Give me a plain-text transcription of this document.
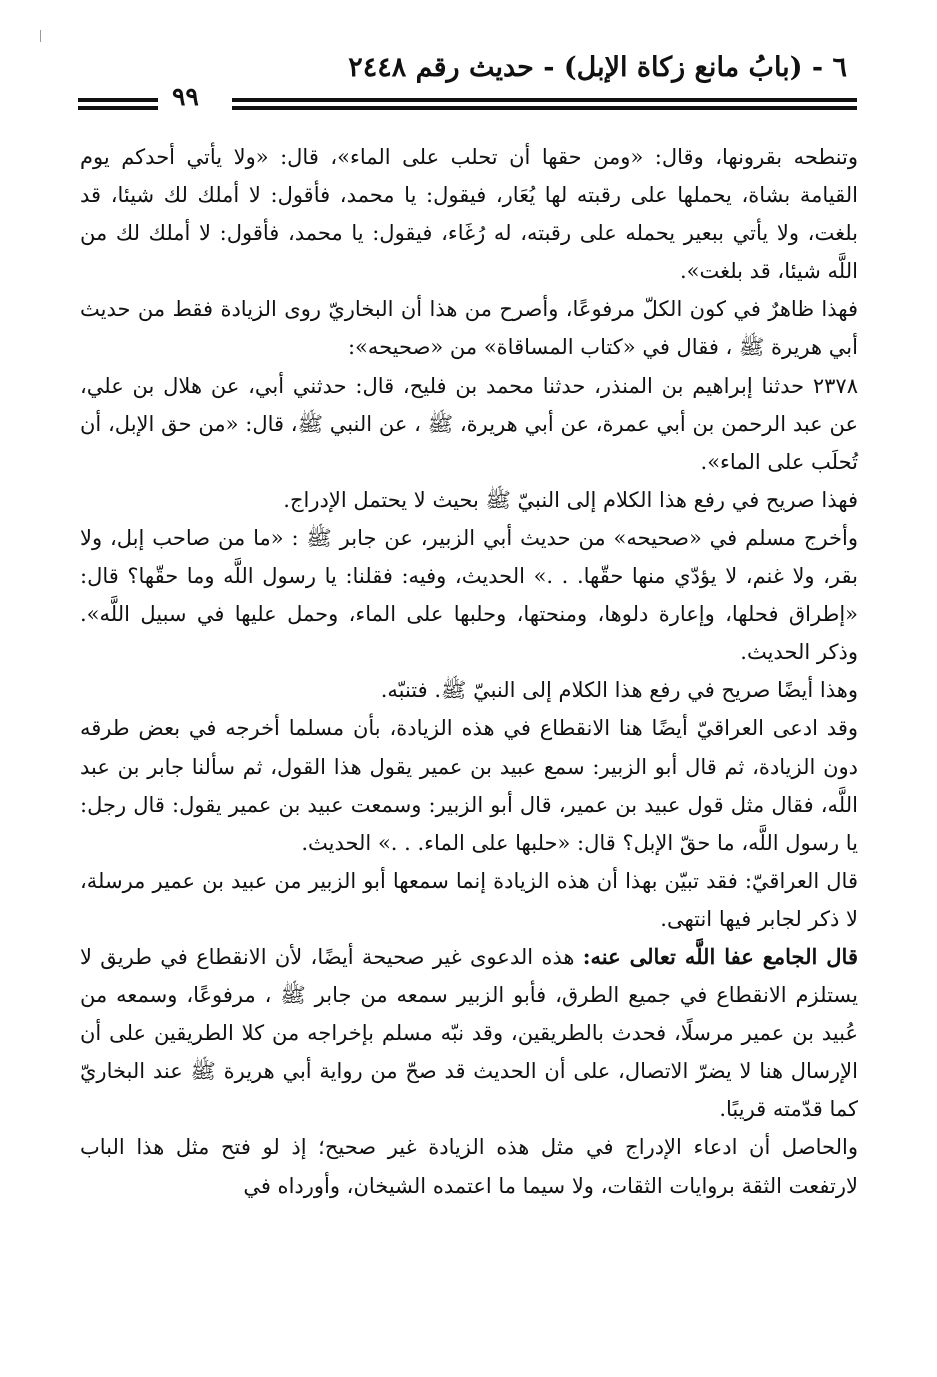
٦ - (بابُ مانع زكاة الإبل) - حديث رقم ٢٤٤٨
٩٩

وتنطحه بقرونها، وقال: «ومن حقها أن تحلب على الماء»، قال: «ولا يأتي أحدكم يوم القيامة بشاة، يحملها على رقبته لها يُعَار، فيقول: يا محمد، فأقول: لا أملك لك شيئا، قد بلغت، ولا يأتي ببعير يحمله على رقبته، له رُغَاء، فيقول: يا محمد، فأقول: لا أملك لك من اللَّه شيئا، قد بلغت».

فهذا ظاهرٌ في كون الكلّ مرفوعًا، وأصرح من هذا أن البخاريّ روى الزيادة فقط من حديث أبي هريرة ﷺ ، فقال في «كتاب المساقاة» من «صحيحه»:

٢٣٧٨ حدثنا إبراهيم بن المنذر، حدثنا محمد بن فليح، قال: حدثني أبي، عن هلال بن علي، عن عبد الرحمن بن أبي عمرة، عن أبي هريرة، ﷺ ، عن النبي ﷺ، قال: «من حق الإبل، أن تُحلَب على الماء».

فهذا صريح في رفع هذا الكلام إلى النبيّ ﷺ بحيث لا يحتمل الإدراج.

وأخرج مسلم في «صحيحه» من حديث أبي الزبير، عن جابر ﷺ : «ما من صاحب إبل، ولا بقر، ولا غنم، لا يؤدّي منها حقّها. . .» الحديث، وفيه: فقلنا: يا رسول اللَّه وما حقّها؟ قال: «إطراق فحلها، وإعارة دلوها، ومنحتها، وحلبها على الماء، وحمل عليها في سبيل اللَّه». وذكر الحديث.

وهذا أيضًا صريح في رفع هذا الكلام إلى النبيّ ﷺ. فتنبّه.

وقد ادعى العراقيّ أيضًا هنا الانقطاع في هذه الزيادة، بأن مسلما أخرجه في بعض طرقه دون الزيادة، ثم قال أبو الزبير: سمع عبيد بن عمير يقول هذا القول، ثم سألنا جابر بن عبد اللَّه، فقال مثل قول عبيد بن عمير، قال أبو الزبير: وسمعت عبيد بن عمير يقول: قال رجل: يا رسول اللَّه، ما حقّ الإبل؟ قال: «حلبها على الماء. . .» الحديث.

قال العراقيّ: فقد تبيّن بهذا أن هذه الزيادة إنما سمعها أبو الزبير من عبيد بن عمير مرسلة، لا ذكر لجابر فيها انتهى.

قال الجامع عفا اللَّه تعالى عنه: هذه الدعوى غير صحيحة أيضًا، لأن الانقطاع في طريق لا يستلزم الانقطاع في جميع الطرق، فأبو الزبير سمعه من جابر ﷺ ، مرفوعًا، وسمعه من عُبيد بن عمير مرسلًا، فحدث بالطريقين، وقد نبّه مسلم بإخراجه من كلا الطريقين على أن الإرسال هنا لا يضرّ الاتصال، على أن الحديث قد صحّ من رواية أبي هريرة ﷺ عند البخاريّ كما قدّمته قريبًا.

والحاصل أن ادعاء الإدراج في مثل هذه الزيادة غير صحيح؛ إذ لو فتح مثل هذا الباب لارتفعت الثقة بروايات الثقات، ولا سيما ما اعتمده الشيخان، وأورداه في
